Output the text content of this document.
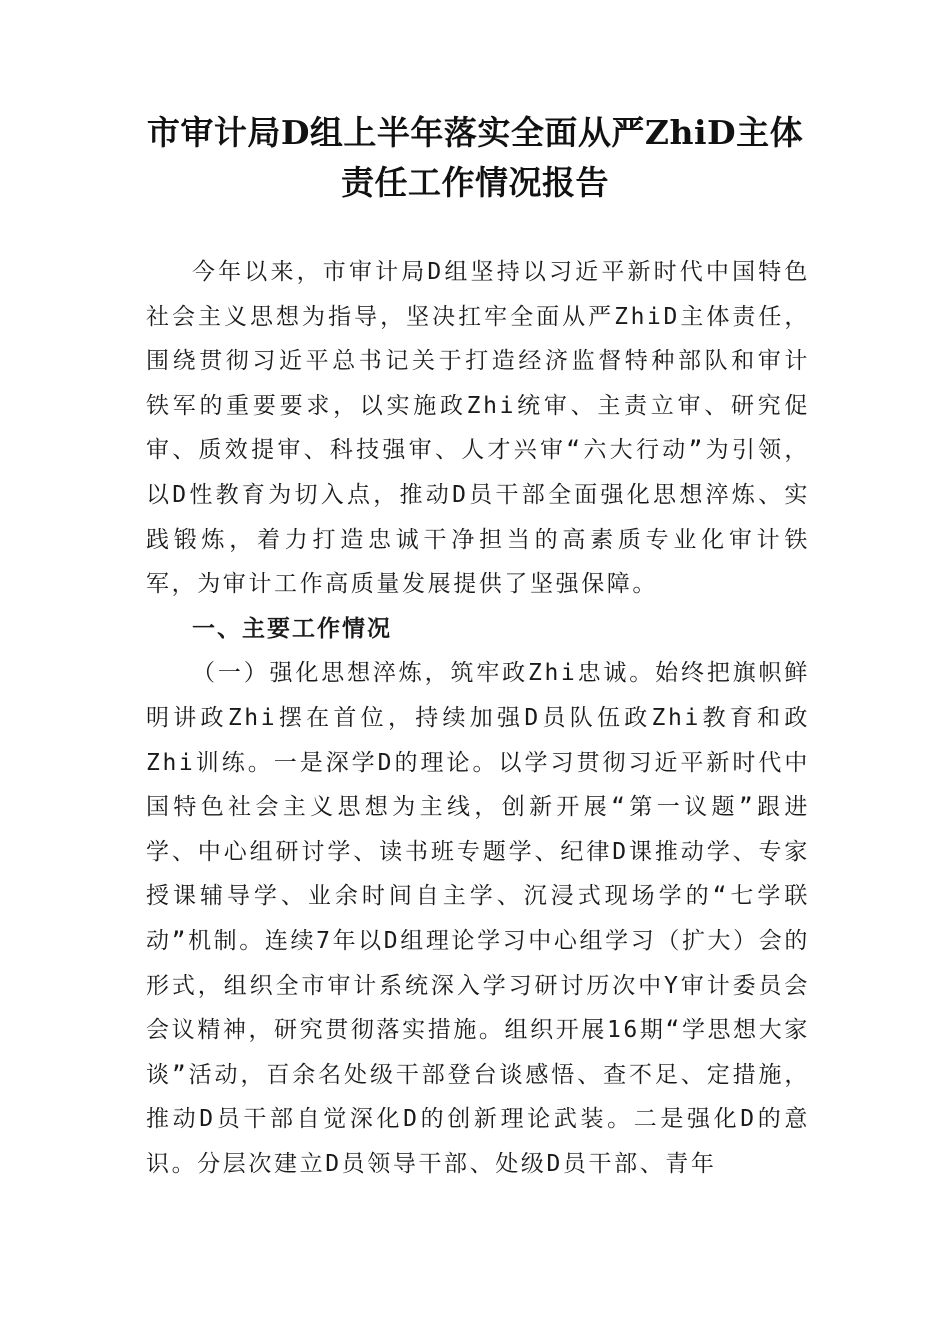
市审计局D组上半年落实全面从严ZhiD主体责任工作情况报告

今年以来，市审计局D组坚持以习近平新时代中国特色社会主义思想为指导，坚决扛牢全面从严ZhiD主体责任，围绕贯彻习近平总书记关于打造经济监督特种部队和审计铁军的重要要求，以实施政Zhi统审、主责立审、研究促审、质效提审、科技强审、人才兴审“六大行动”为引领，以D性教育为切入点，推动D员干部全面强化思想淬炼、实践锻炼，着力打造忠诚干净担当的高素质专业化审计铁军，为审计工作高质量发展提供了坚强保障。

一、主要工作情况

（一）强化思想淬炼，筑牢政Zhi忠诚。始终把旗帜鲜明讲政Zhi摆在首位，持续加强D员队伍政Zhi教育和政Zhi训练。一是深学D的理论。以学习贯彻习近平新时代中国特色社会主义思想为主线，创新开展“第一议题”跟进学、中心组研讨学、读书班专题学、纪律D课推动学、专家授课辅导学、业余时间自主学、沉浸式现场学的“七学联动”机制。连续7年以D组理论学习中心组学习（扩大）会的形式，组织全市审计系统深入学习研讨历次中Y审计委员会会议精神，研究贯彻落实措施。组织开展16期“学思想大家谈”活动，百余名处级干部登台谈感悟、查不足、定措施，推动D员干部自觉深化D的创新理论武装。二是强化D的意识。分层次建立D员领导干部、处级D员干部、青年
